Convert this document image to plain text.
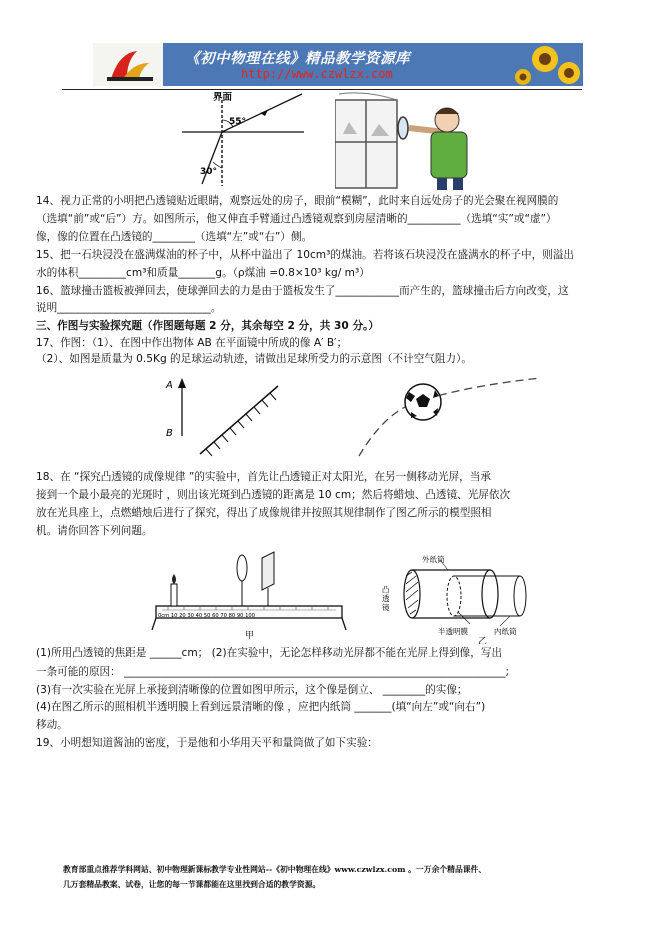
《初中物理在线》精品教学资源库
http://www.czwlzx.com
界面
55°
30°
14、视力正常的小明把凸透镜贴近眼睛，观察远处的房子，眼前“模糊”，此时来自远处房子的光会聚在视网膜的
（选填“前”或“后”）方。如图所示，他又伸直手臂通过凸透镜观察到房屋清晰的__________（选填“实”或“虚”）
像，像的位置在凸透镜的________（选填“左”或“右”）侧。
15、把一石块浸没在盛满煤油的杯子中，从杯中溢出了 10cm³的煤油。若将该石块浸没在盛满水的杯子中，则溢出
水的体积_________cm³和质量_______g。（ρ煤油 =0.8×10³ kg/ m³）
16、篮球撞击篮板被弹回去，使球弹回去的力是由于篮板发生了____________而产生的，篮球撞击后方向改变，这
说明_____________________________。
三、作图与实验探究题（作图题每题 2 分，其余每空 2 分，共 30 分。）
17、作图：（1）、在图中作出物体 AB 在平面镜中所成的像 A′ B′；
（2）、如图是质量为 0.5Kg 的足球运动轨迹，请做出足球所受力的示意图（不计空气阻力）。
A
B
18、在 “探究凸透镜的成像规律 ”的实验中，首先让凸透镜正对太阳光，在另一侧移动光屏，当承
接到一个最小最亮的光斑时 ，则出该光斑到凸透镜的距离是 10 cm；然后将蜡烛、凸透镜、光屏依次
放在光具座上，点燃蜡烛后进行了探究，得出了成像规律并按照其规律制作了图乙所示的模型照相
机。请你回答下列问题。
0cm 10 20 30 40 50 60 70 80 90 100
甲
外纸筒
凸
透
镜
半透明膜	内纸筒
乙
(1)所用凸透镜的焦距是 ______cm； (2)在实验中，无论怎样移动光屏都不能在光屏上得到像，写出
一条可能的原因： ________________________________________________________________________;
(3)有一次实验在光屏上承接到清晰像的位置如图甲所示，这个像是倒立、 ________的实像；
(4)在图乙所示的照相机半透明膜上看到远景清晰的像 ，应把内纸筒 _______(填“向左”或“向右”)
移动。
19、小明想知道酱油的密度，于是他和小华用天平和量筒做了如下实验：
教育部重点推荐学科网站、初中物理新课标教学专业性网站--《初中物理在线》www.czwlzx.com 。一万余个精品课件、
几万套精品教案、试卷，让您的每一节课都能在这里找到合适的教学资源。
